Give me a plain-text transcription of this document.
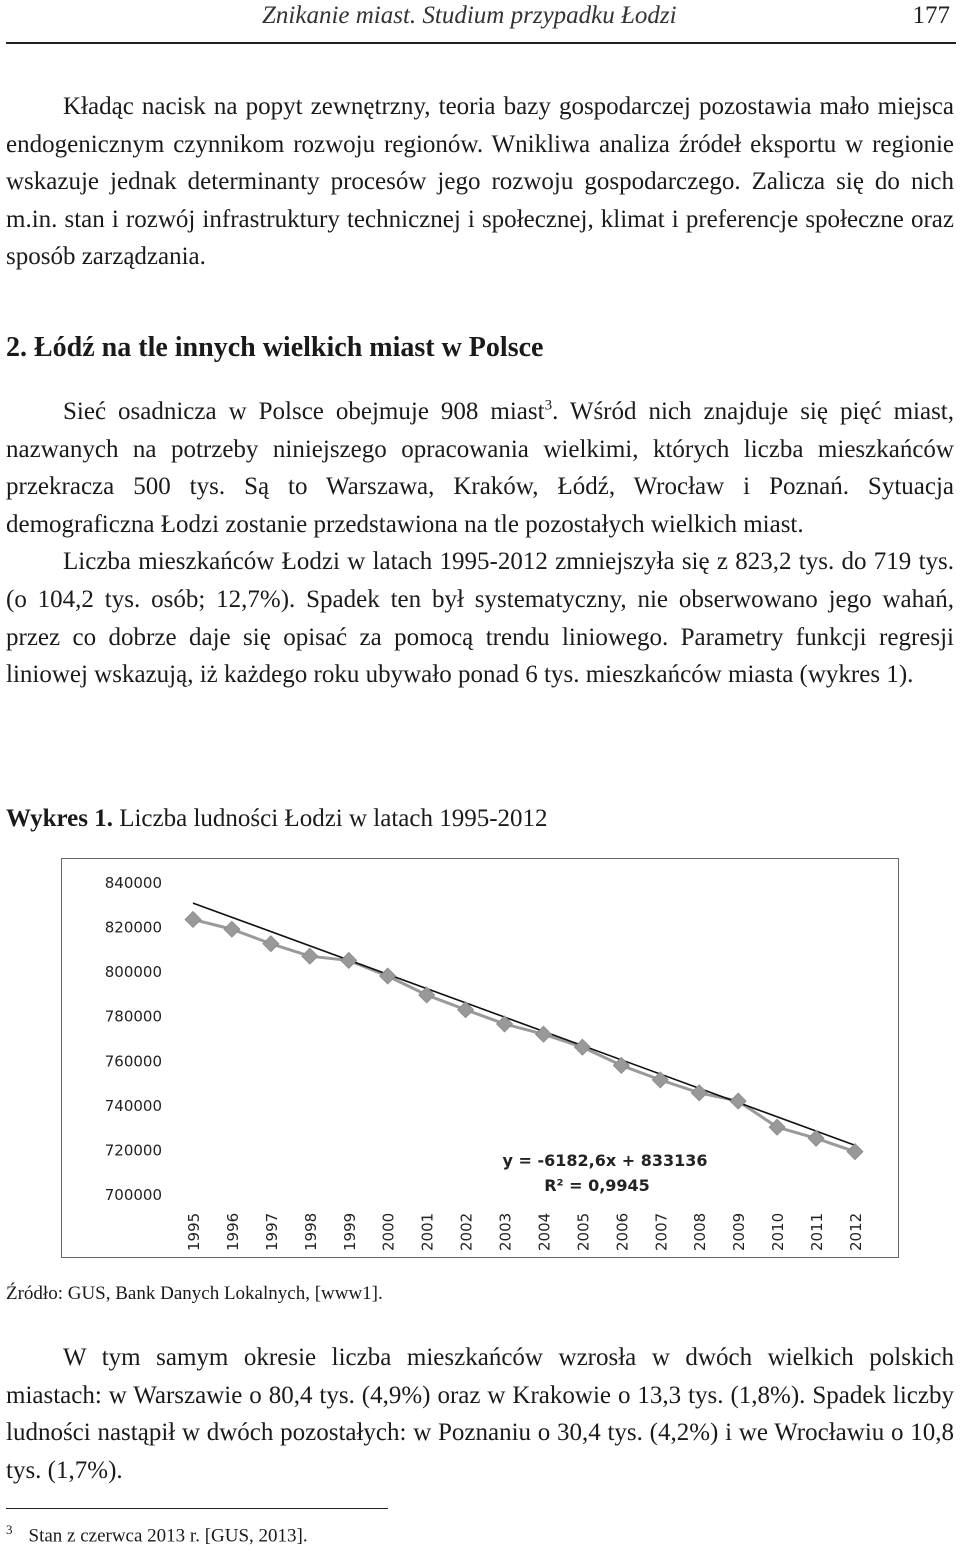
Znikanie miast. Studium przypadku Łodzi	177

Kładąc nacisk na popyt zewnętrzny, teoria bazy gospodarczej pozostawia mało miejsca endogenicznym czynnikom rozwoju regionów. Wnikliwa analiza źródeł eksportu w regionie wskazuje jednak determinanty procesów jego rozwoju gospodarczego. Zalicza się do nich m.in. stan i rozwój infrastruktury technicznej i społecznej, klimat i preferencje społeczne oraz sposób zarządzania.

2. Łódź na tle innych wielkich miast w Polsce

Sieć osadnicza w Polsce obejmuje 908 miast$^3$. Wśród nich znajduje się pięć miast, nazwanych na potrzeby niniejszego opracowania wielkimi, których liczba mieszkańców przekracza 500 tys. Są to Warszawa, Kraków, Łódź, Wrocław i Poznań. Sytuacja demograficzna Łodzi zostanie przedstawiona na tle pozostałych wielkich miast.

Liczba mieszkańców Łodzi w latach 1995-2012 zmniejszyła się z 823,2 tys. do 719 tys. (o 104,2 tys. osób; 12,7%). Spadek ten był systematyczny, nie obserwowano jego wahań, przez co dobrze daje się opisać za pomocą trendu liniowego. Parametry funkcji regresji liniowej wskazują, iż każdego roku ubywało ponad 6 tys. mieszkańców miasta (wykres 1).

Wykres 1. Liczba ludności Łodzi w latach 1995-2012

700000
720000
740000
760000
780000
800000
820000
840000
1995 1996 1997 1998 1999 2000 2001 2002 2003 2004 2005 2006 2007 2008 2009 2010 2011 2012
y = -6182,6x + 833136
R² = 0,9945

Źródło: GUS, Bank Danych Lokalnych, [www1].

W tym samym okresie liczba mieszkańców wzrosła w dwóch wielkich polskich miastach: w Warszawie o 80,4 tys. (4,9%) oraz w Krakowie o 13,3 tys. (1,8%). Spadek liczby ludności nastąpił w dwóch pozostałych: w Poznaniu o 30,4 tys. (4,2%) i we Wrocławiu o 10,8 tys. (1,7%).

$^3$ Stan z czerwca 2013 r. [GUS, 2013].
